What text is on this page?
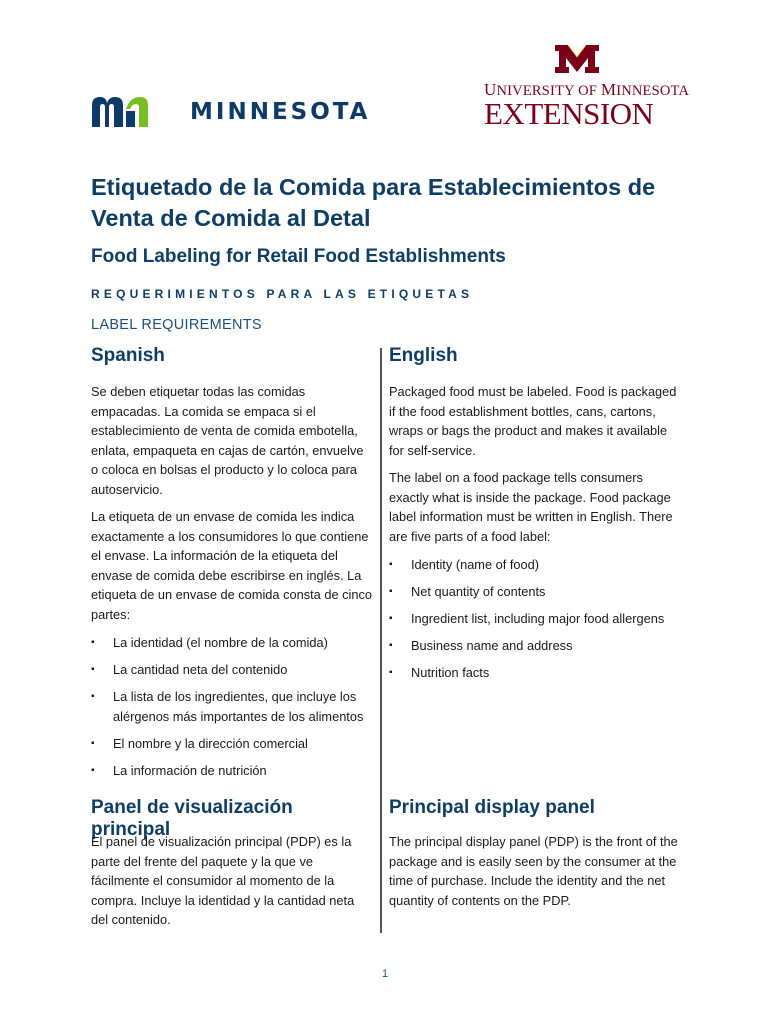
MINNESOTA
UNIVERSITY OF MINNESOTA
EXTENSION
Etiquetado de la Comida para Establecimientos de Venta de Comida al Detal
Food Labeling for Retail Food Establishments
REQUERIMIENTOS PARA LAS ETIQUETAS
LABEL REQUIREMENTS
Spanish

Se deben etiquetar todas las comidas empacadas. La comida se empaca si el establecimiento de venta de comida embotella, enlata, empaqueta en cajas de cartón, envuelve o coloca en bolsas el producto y lo coloca para autoservicio.

La etiqueta de un envase de comida les indica exactamente a los consumidores lo que contiene el envase. La información de la etiqueta del envase de comida debe escribirse en inglés. La etiqueta de un envase de comida consta de cinco partes:

▪ La identidad (el nombre de la comida)
▪ La cantidad neta del contenido
▪ La lista de los ingredientes, que incluye los alérgenos más importantes de los alimentos
▪ El nombre y la dirección comercial
▪ La información de nutrición
English

Packaged food must be labeled. Food is packaged if the food establishment bottles, cans, cartons, wraps or bags the product and makes it available for self-service.

The label on a food package tells consumers exactly what is inside the package. Food package label information must be written in English. There are five parts of a food label:

▪ Identity (name of food)
▪ Net quantity of contents
▪ Ingredient list, including major food allergens
▪ Business name and address
▪ Nutrition facts
Panel de visualización principal

El panel de visualización principal (PDP) es la parte del frente del paquete y la que ve fácilmente el consumidor al momento de la compra. Incluye la identidad y la cantidad neta del contenido.

Principal display panel

The principal display panel (PDP) is the front of the package and is easily seen by the consumer at the time of purchase. Include the identity and the net quantity of contents on the PDP.

1
